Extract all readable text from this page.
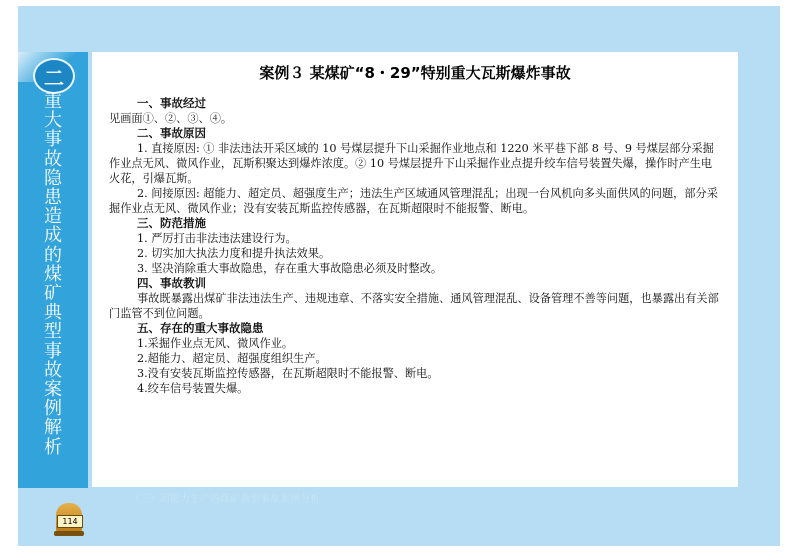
二
重大事故隐患造成的煤矿典型事故案例解析
案例３ 某煤矿“8・29”特别重大瓦斯爆炸事故
一、事故经过
见画面①、②、③、④。
二、事故原因
1. 直接原因: ① 非法违法开采区域的 10 号煤层提升下山采掘作业地点和 1220 米平巷下部 8 号、9 号煤层部分采掘作业点无风、微风作业，瓦斯积聚达到爆炸浓度。② 10 号煤层提升下山采掘作业点提升绞车信号装置失爆，操作时产生电火花，引爆瓦斯。
2. 间接原因: 超能力、超定员、超强度生产；违法生产区域通风管理混乱；出现一台风机向多头面供风的问题，部分采掘作业点无风、微风作业；没有安装瓦斯监控传感器，在瓦斯超限时不能报警、断电。
三、防范措施
1. 严厉打击非法违法建设行为。
2. 切实加大执法力度和提升执法效果。
3. 坚决消除重大事故隐患，存在重大事故隐患必须及时整改。
四、事故教训
事故既暴露出煤矿非法违法生产、违规违章、不落实安全措施、通风管理混乱、设备管理不善等问题，也暴露出有关部门监管不到位问题。
五、存在的重大事故隐患
1.采掘作业点无风、微风作业。
2.超能力、超定员、超强度组织生产。
3.没有安装瓦斯监控传感器，在瓦斯超限时不能报警、断电。
4.绞车信号装置失爆。
（三）超能力生产的煤矿典型事故案例分析
114
